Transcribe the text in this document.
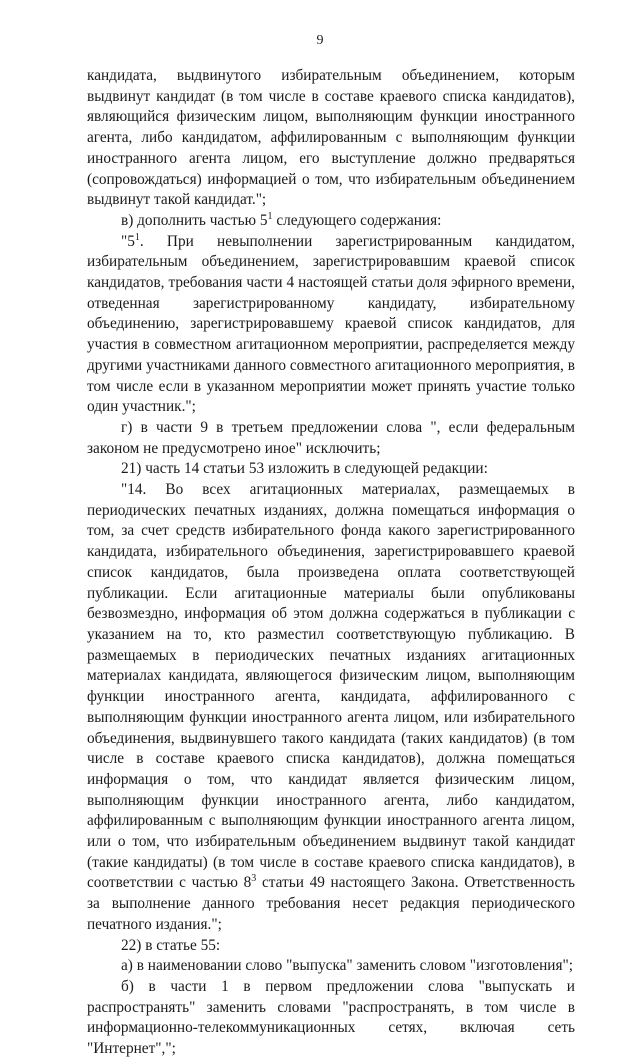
9

кандидата, выдвинутого избирательным объединением, которым выдвинут кандидат (в том числе в составе краевого списка кандидатов), являющийся физическим лицом, выполняющим функции иностранного агента, либо кандидатом, аффилированным с выполняющим функции иностранного агента лицом, его выступление должно предваряться (сопровождаться) информацией о том, что избирательным объединением выдвинут такой кандидат.";

в) дополнить частью $5^1$ следующего содержания:

"$5^1$. При невыполнении зарегистрированным кандидатом, избирательным объединением, зарегистрировавшим краевой список кандидатов, требования части 4 настоящей статьи доля эфирного времени, отведенная зарегистрированному кандидату, избирательному объединению, зарегистрировавшему краевой список кандидатов, для участия в совместном агитационном мероприятии, распределяется между другими участниками данного совместного агитационного мероприятия, в том числе если в указанном мероприятии может принять участие только один участник.";

г) в части 9 в третьем предложении слова ", если федеральным законом не предусмотрено иное" исключить;

21) часть 14 статьи 53 изложить в следующей редакции:

"14. Во всех агитационных материалах, размещаемых в периодических печатных изданиях, должна помещаться информация о том, за счет средств избирательного фонда какого зарегистрированного кандидата, избирательного объединения, зарегистрировавшего краевой список кандидатов, была произведена оплата соответствующей публикации. Если агитационные материалы были опубликованы безвозмездно, информация об этом должна содержаться в публикации с указанием на то, кто разместил соответствующую публикацию. В размещаемых в периодических печатных изданиях агитационных материалах кандидата, являющегося физическим лицом, выполняющим функции иностранного агента, кандидата, аффилированного с выполняющим функции иностранного агента лицом, или избирательного объединения, выдвинувшего такого кандидата (таких кандидатов) (в том числе в составе краевого списка кандидатов), должна помещаться информация о том, что кандидат является физическим лицом, выполняющим функции иностранного агента, либо кандидатом, аффилированным с выполняющим функции иностранного агента лицом, или о том, что избирательным объединением выдвинут такой кандидат (такие кандидаты) (в том числе в составе краевого списка кандидатов), в соответствии с частью $8^3$ статьи 49 настоящего Закона. Ответственность за выполнение данного требования несет редакция периодического печатного издания.";

22) в статье 55:

а) в наименовании слово "выпуска" заменить словом "изготовления";

б) в части 1 в первом предложении слова "выпускать и распространять" заменить словами "распространять, в том числе в информационно-телекоммуникационных сетях, включая сеть "Интернет",";
